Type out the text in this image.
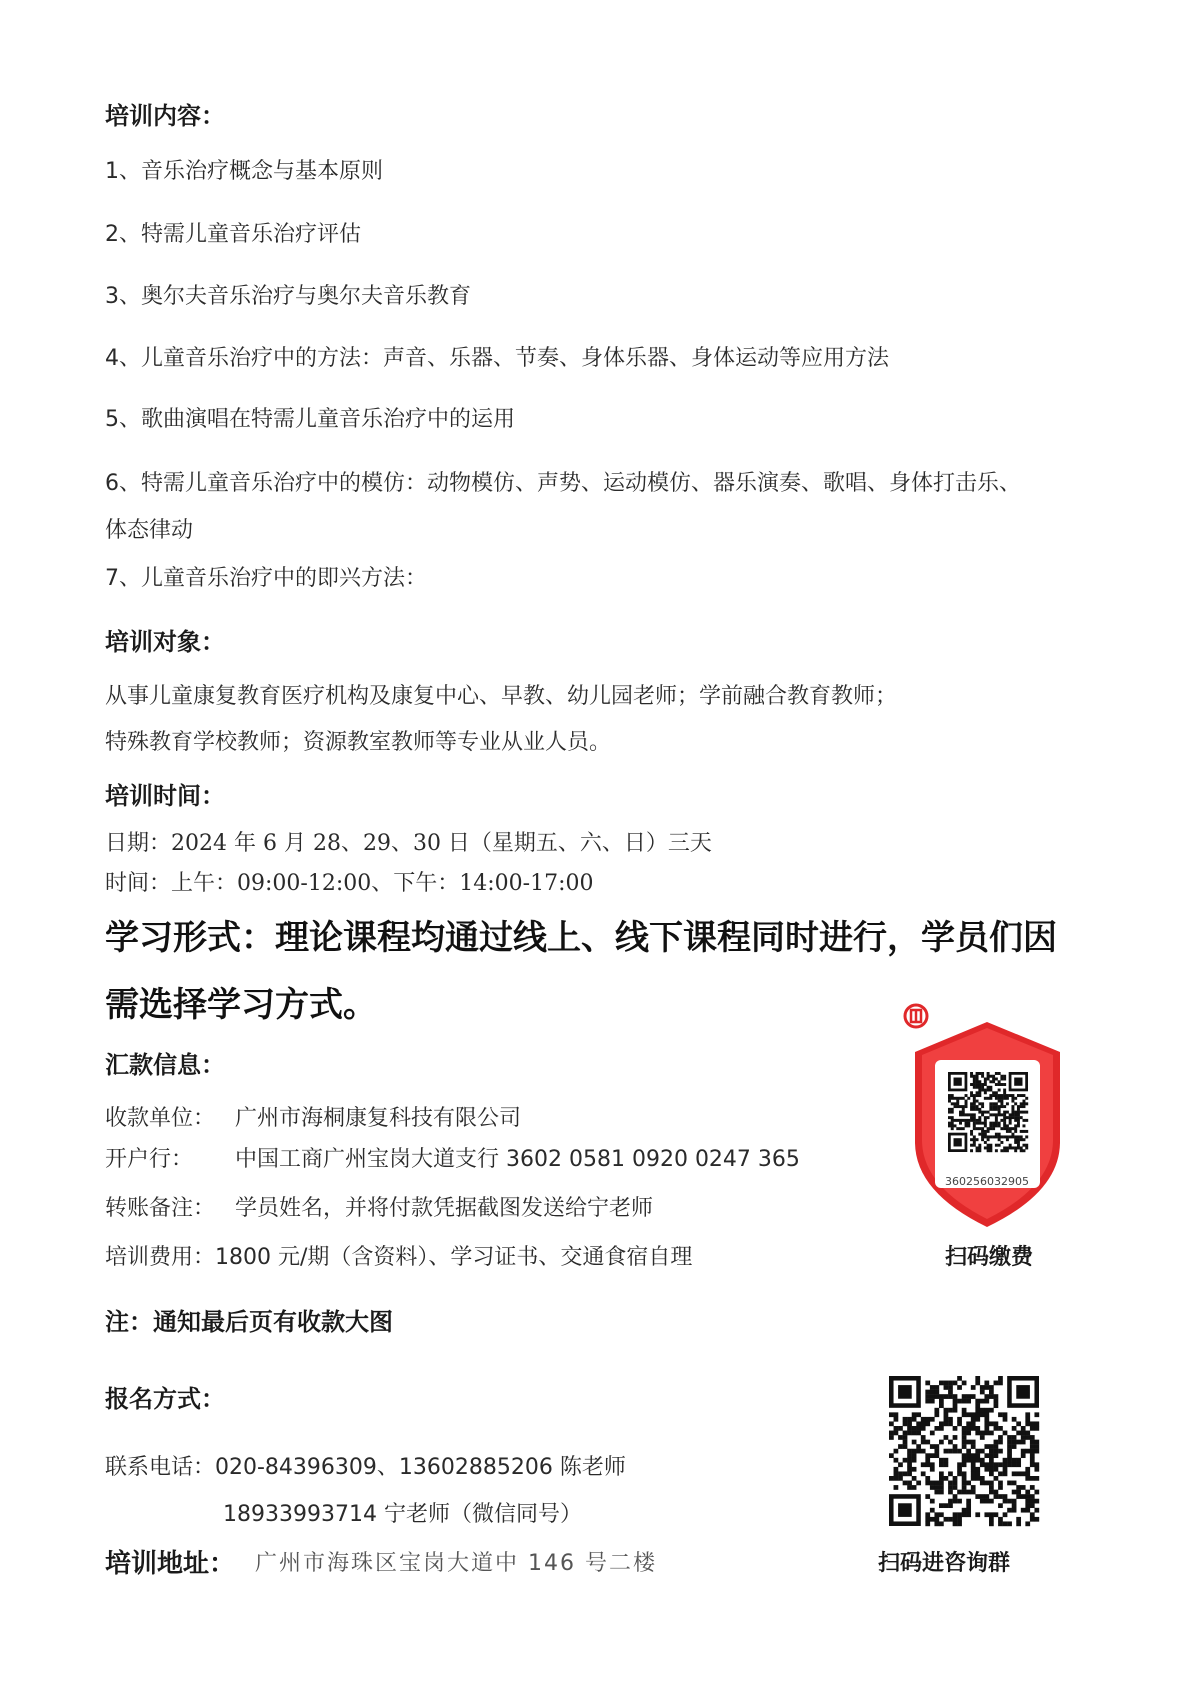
培训内容：
1、音乐治疗概念与基本原则
2、特需儿童音乐治疗评估
3、奥尔夫音乐治疗与奥尔夫音乐教育
4、儿童音乐治疗中的方法：声音、乐器、节奏、身体乐器、身体运动等应用方法
5、歌曲演唱在特需儿童音乐治疗中的运用
6、特需儿童音乐治疗中的模仿：动物模仿、声势、运动模仿、器乐演奏、歌唱、身体打击乐、
体态律动
7、儿童音乐治疗中的即兴方法：
培训对象：
从事儿童康复教育医疗机构及康复中心、早教、幼儿园老师；学前融合教育教师；
特殊教育学校教师；资源教室教师等专业从业人员。
培训时间：
日期：2024 年 6 月 28、29、30 日（星期五、六、日）三天
时间：上午：09:00-12:00、下午：14:00-17:00
学习形式：理论课程均通过线上、线下课程同时进行，学员们因
需选择学习方式。
汇款信息：
收款单位： 广州市海桐康复科技有限公司
开户行： 中国工商广州宝岗大道支行 3602 0581 0920 0247 365
转账备注： 学员姓名，并将付款凭据截图发送给宁老师
培训费用：1800 元/期（含资料）、学习证书、交通食宿自理
360256032905
扫码缴费
注：通知最后页有收款大图
报名方式：
联系电话：020-84396309、13602885206 陈老师
18933993714 宁老师（微信同号）
扫码进咨询群
培训地址： 广州市海珠区宝岗大道中 146 号二楼
